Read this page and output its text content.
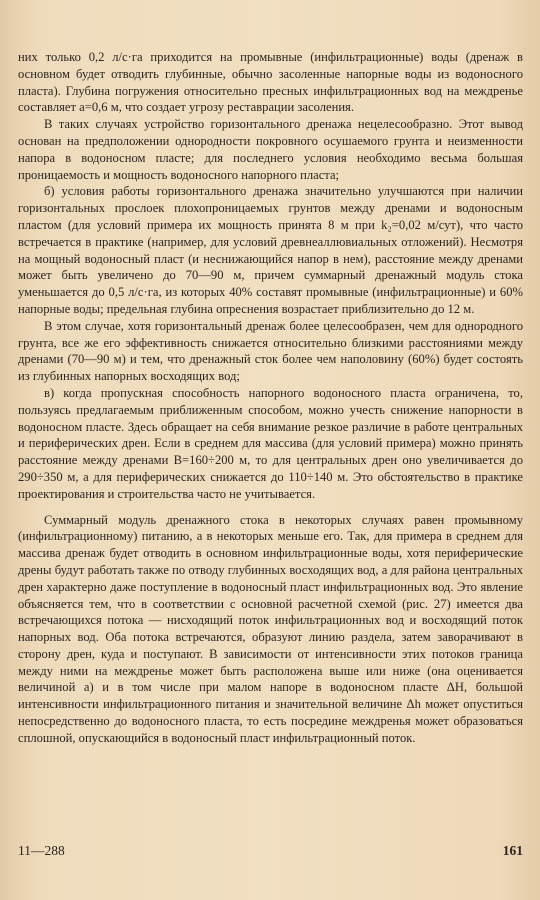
них только 0,2 л/с·га приходится на промывные (инфильтрационные) воды (дренаж в основном будет отводить глубинные, обычно засоленные напорные воды из водоносного пласта). Глубина погружения относительно пресных инфильтрационных вод на междренье составляет a=0,6 м, что создает угрозу реставрации засоления.

В таких случаях устройство горизонтального дренажа нецелесообразно. Этот вывод основан на предположении однородности покровного осушаемого грунта и неизменности напора в водоносном пласте; для последнего условия необходимо весьма большая проницаемость и мощность водоносного напорного пласта;

б) условия работы горизонтального дренажа значительно улучшаются при наличии горизонтальных прослоек плохопроницаемых грунтов между дренами и водоносным пластом (для условий примера их мощность принята 8 м при k₂=0,02 м/сут), что часто встречается в практике (например, для условий древнеаллювиальных отложений). Несмотря на мощный водоносный пласт (и неснижающийся напор в нем), расстояние между дренами может быть увеличено до 70—90 м, причем суммарный дренажный модуль стока уменьшается до 0,5 л/с·га, из которых 40% составят промывные (инфильтрационные) и 60% напорные воды; предельная глубина опреснения возрастает приблизительно до 12 м.

В этом случае, хотя горизонтальный дренаж более целесообразен, чем для однородного грунта, все же его эффективность снижается относительно близкими расстояниями между дренами (70—90 м) и тем, что дренажный сток более чем наполовину (60%) будет состоять из глубинных напорных восходящих вод;

в) когда пропускная способность напорного водоносного пласта ограничена, то, пользуясь предлагаемым приближенным способом, можно учесть снижение напорности в водоносном пласте. Здесь обращает на себя внимание резкое различие в работе центральных и периферических дрен. Если в среднем для массива (для условий примера) можно принять расстояние между дренами B=160÷200 м, то для центральных дрен оно увеличивается до 290÷350 м, а для периферических снижается до 110÷140 м. Это обстоятельство в практике проектирования и строительства часто не учитывается.

Суммарный модуль дренажного стока в некоторых случаях равен промывному (инфильтрационному) питанию, а в некоторых меньше его. Так, для примера в среднем для массива дренаж будет отводить в основном инфильтрационные воды, хотя периферические дрены будут работать также по отводу глубинных восходящих вод, а для района центральных дрен характерно даже поступление в водоносный пласт инфильтрационных вод. Это явление объясняется тем, что в соответствии с основной расчетной схемой (рис. 27) имеется два встречающихся потока — нисходящий поток инфильтрационных вод и восходящий поток напорных вод. Оба потока встречаются, образуют линию раздела, затем заворачивают в сторону дрен, куда и поступают. В зависимости от интенсивности этих потоков граница между ними на междренье может быть расположена выше или ниже (она оценивается величиной a) и в том числе при малом напоре в водоносном пласте ΔH, большой интенсивности инфильтрационного питания и значительной величине Δh может опуститься непосредственно до водоносного пласта, то есть посредине междренья может образоваться сплошной, опускающийся в водоносный пласт инфильтрационный поток.

11—288	161
